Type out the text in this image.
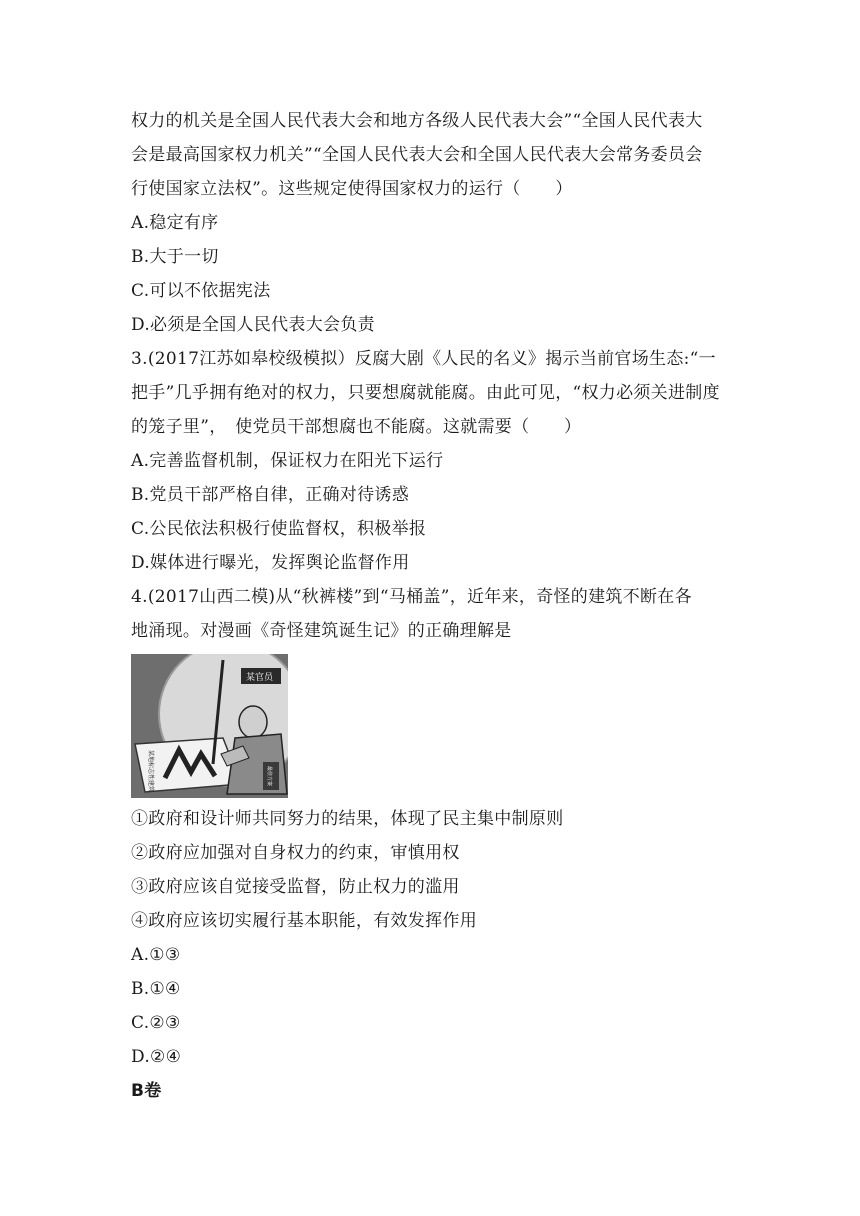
权力的机关是全国人民代表大会和地方各级人民代表大会”“全国人民代表大
会是最高国家权力机关”“全国人民代表大会和全国人民代表大会常务委员会
行使国家立法权”。这些规定使得国家权力的运行（　　）
A.稳定有序
B.大于一切
C.可以不依据宪法
D.必须是全国人民代表大会负责
3.(2017江苏如皋校级模拟）反腐大剧《人民的名义》揭示当前官场生态:“一
把手”几乎拥有绝对的权力，只要想腐就能腐。由此可见，“权力必须关进制度
的笼子里”，　使党员干部想腐也不能腐。这就需要（　　）
A.完善监督机制，保证权力在阳光下运行
B.党员干部严格自律，正确对待诱惑
C.公民依法积极行使监督权，积极举报
D.媒体进行曝光，发挥舆论监督作用
4.(2017山西二模)从“秋裤楼”到“马桶盖”，近年来，奇怪的建筑不断在各
地涌现。对漫画《奇怪建筑诞生记》的正确理解是
某地标志性建筑
某官员
最佳方案
①政府和设计师共同努力的结果，体现了民主集中制原则
②政府应加强对自身权力的约束，审慎用权
③政府应该自觉接受监督，防止权力的滥用
④政府应该切实履行基本职能，有效发挥作用
A.①③
B.①④
C.②③
D.②④
B卷
